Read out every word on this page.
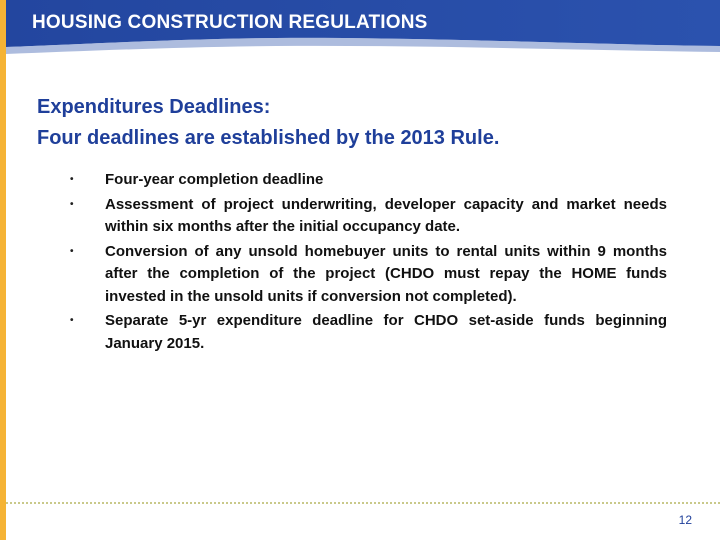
HOUSING CONSTRUCTION REGULATIONS
Expenditures Deadlines:
Four deadlines are established by the 2013 Rule.
•	Four-year completion deadline
•	Assessment of project underwriting, developer capacity and market needs within six months after the initial occupancy date.
•	Conversion of any unsold homebuyer units to rental units within 9 months after the completion of the project (CHDO must repay the HOME funds invested in the unsold units if conversion not completed).
•	Separate 5-yr expenditure deadline for CHDO set-aside funds beginning January 2015.
12
